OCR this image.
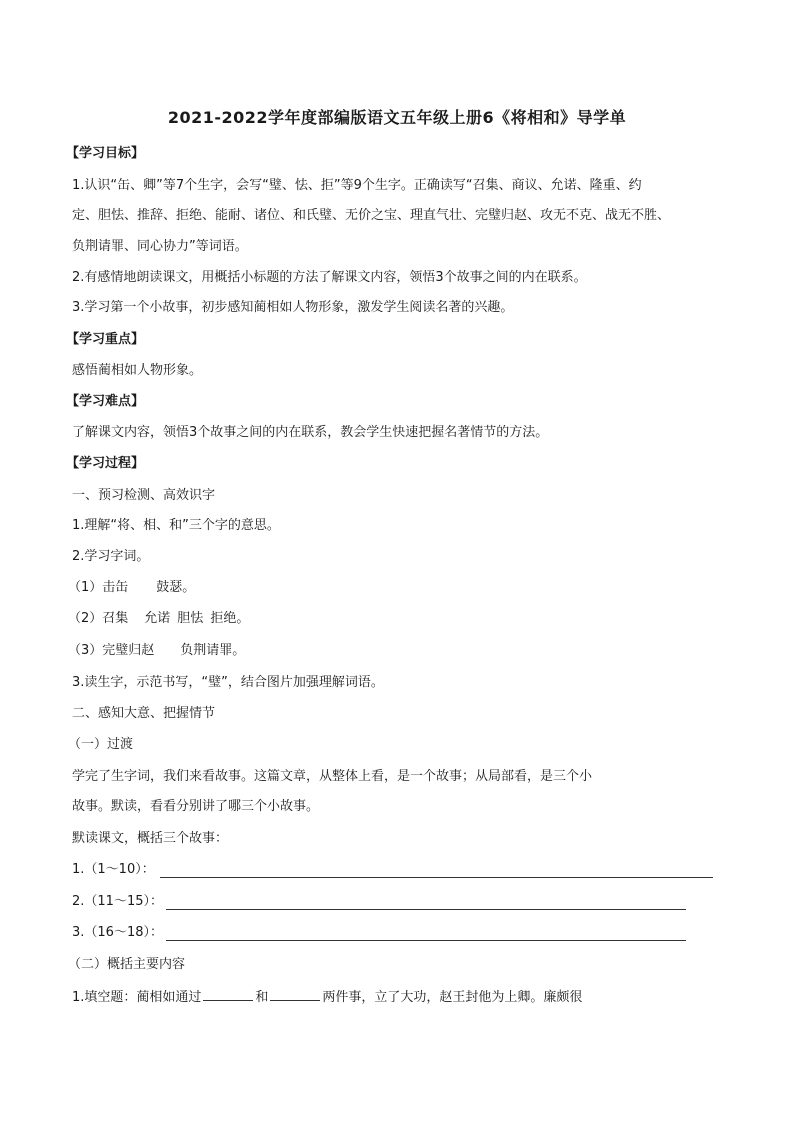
2021-2022学年度部编版语文五年级上册6《将相和》导学单
【学习目标】
1.认识“缶、卿”等7个生字，会写“璧、怯、拒”等9个生字。正确读写“召集、商议、允诺、隆重、约
定、胆怯、推辞、拒绝、能耐、诸位、和氏璧、无价之宝、理直气壮、完璧归赵、攻无不克、战无不胜、
负荆请罪、同心协力”等词语。
2.有感情地朗读课文，用概括小标题的方法了解课文内容，领悟3个故事之间的内在联系。
3.学习第一个小故事，初步感知蔺相如人物形象，激发学生阅读名著的兴趣。
【学习重点】
感悟蔺相如人物形象。
【学习难点】
了解课文内容，领悟3个故事之间的内在联系，教会学生快速把握名著情节的方法。
【学习过程】
一、预习检测、高效识字
1.理解“将、相、和”三个字的意思。
2.学习字词。
（1）击缶 鼓瑟。
（2）召集 允诺 胆怯 拒绝。
（3）完璧归赵 负荆请罪。
3.读生字，示范书写，“璧”，结合图片加强理解词语。
二、感知大意、把握情节
（一）过渡
学完了生字词，我们来看故事。这篇文章，从整体上看，是一个故事；从局部看，是三个小
故事。默读，看看分别讲了哪三个小故事。
默读课文，概括三个故事：
1.（1～10）：
2.（11～15）：
3.（16～18）：
（二）概括主要内容
1.填空题：蔺相如通过	和	两件事，立了大功，赵王封他为上卿。廉颇很
